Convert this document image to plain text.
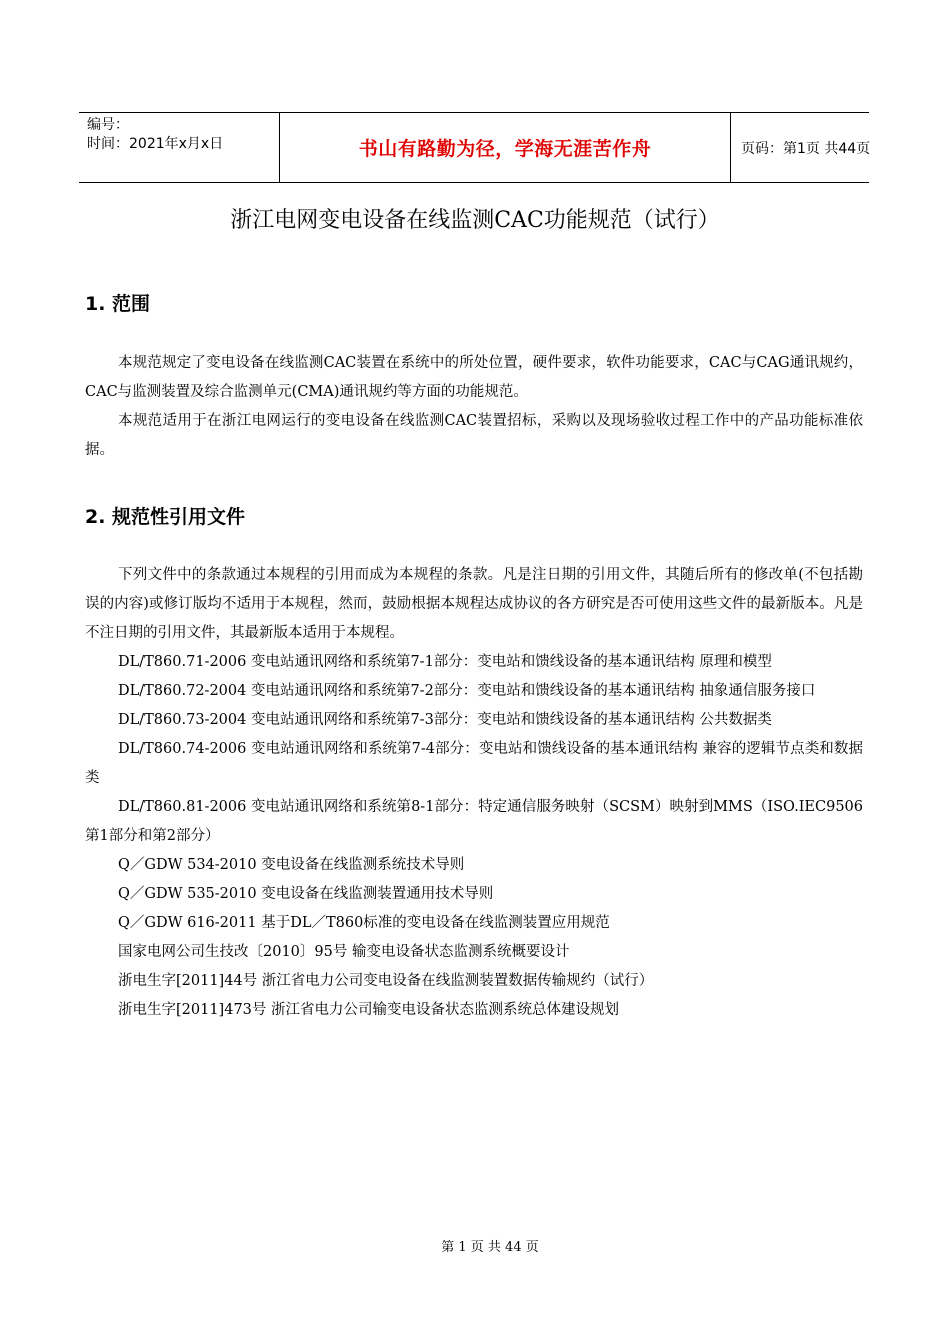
编号：
时间：2021年x月x日	书山有路勤为径，学海无涯苦作舟	页码：第1页 共44页
浙江电网变电设备在线监测CAC功能规范（试行）
1. 范围

本规范规定了变电设备在线监测CAC装置在系统中的所处位置，硬件要求，软件功能要求，CAC与CAG通讯规约，CAC与监测装置及综合监测单元(CMA)通讯规约等方面的功能规范。

本规范适用于在浙江电网运行的变电设备在线监测CAC装置招标，采购以及现场验收过程工作中的产品功能标准依据。

2. 规范性引用文件

下列文件中的条款通过本规程的引用而成为本规程的条款。凡是注日期的引用文件，其随后所有的修改单(不包括勘误的内容)或修订版均不适用于本规程，然而，鼓励根据本规程达成协议的各方研究是否可使用这些文件的最新版本。凡是不注日期的引用文件，其最新版本适用于本规程。

DL/T860.71-2006 变电站通讯网络和系统第7-1部分：变电站和馈线设备的基本通讯结构 原理和模型

DL/T860.72-2004 变电站通讯网络和系统第7-2部分：变电站和馈线设备的基本通讯结构 抽象通信服务接口

DL/T860.73-2004 变电站通讯网络和系统第7-3部分：变电站和馈线设备的基本通讯结构 公共数据类

DL/T860.74-2006 变电站通讯网络和系统第7-4部分：变电站和馈线设备的基本通讯结构 兼容的逻辑节点类和数据类

DL/T860.81-2006 变电站通讯网络和系统第8-1部分：特定通信服务映射（SCSM）映射到MMS（ISO.IEC9506第1部分和第2部分）

Q／GDW 534-2010 变电设备在线监测系统技术导则

Q／GDW 535-2010 变电设备在线监测装置通用技术导则

Q／GDW 616-2011 基于DL／T860标准的变电设备在线监测装置应用规范

国家电网公司生技改〔2010〕95号 输变电设备状态监测系统概要设计

浙电生字[2011]44号 浙江省电力公司变电设备在线监测装置数据传输规约（试行）

浙电生字[2011]473号 浙江省电力公司输变电设备状态监测系统总体建设规划

第 1 页 共 44 页
